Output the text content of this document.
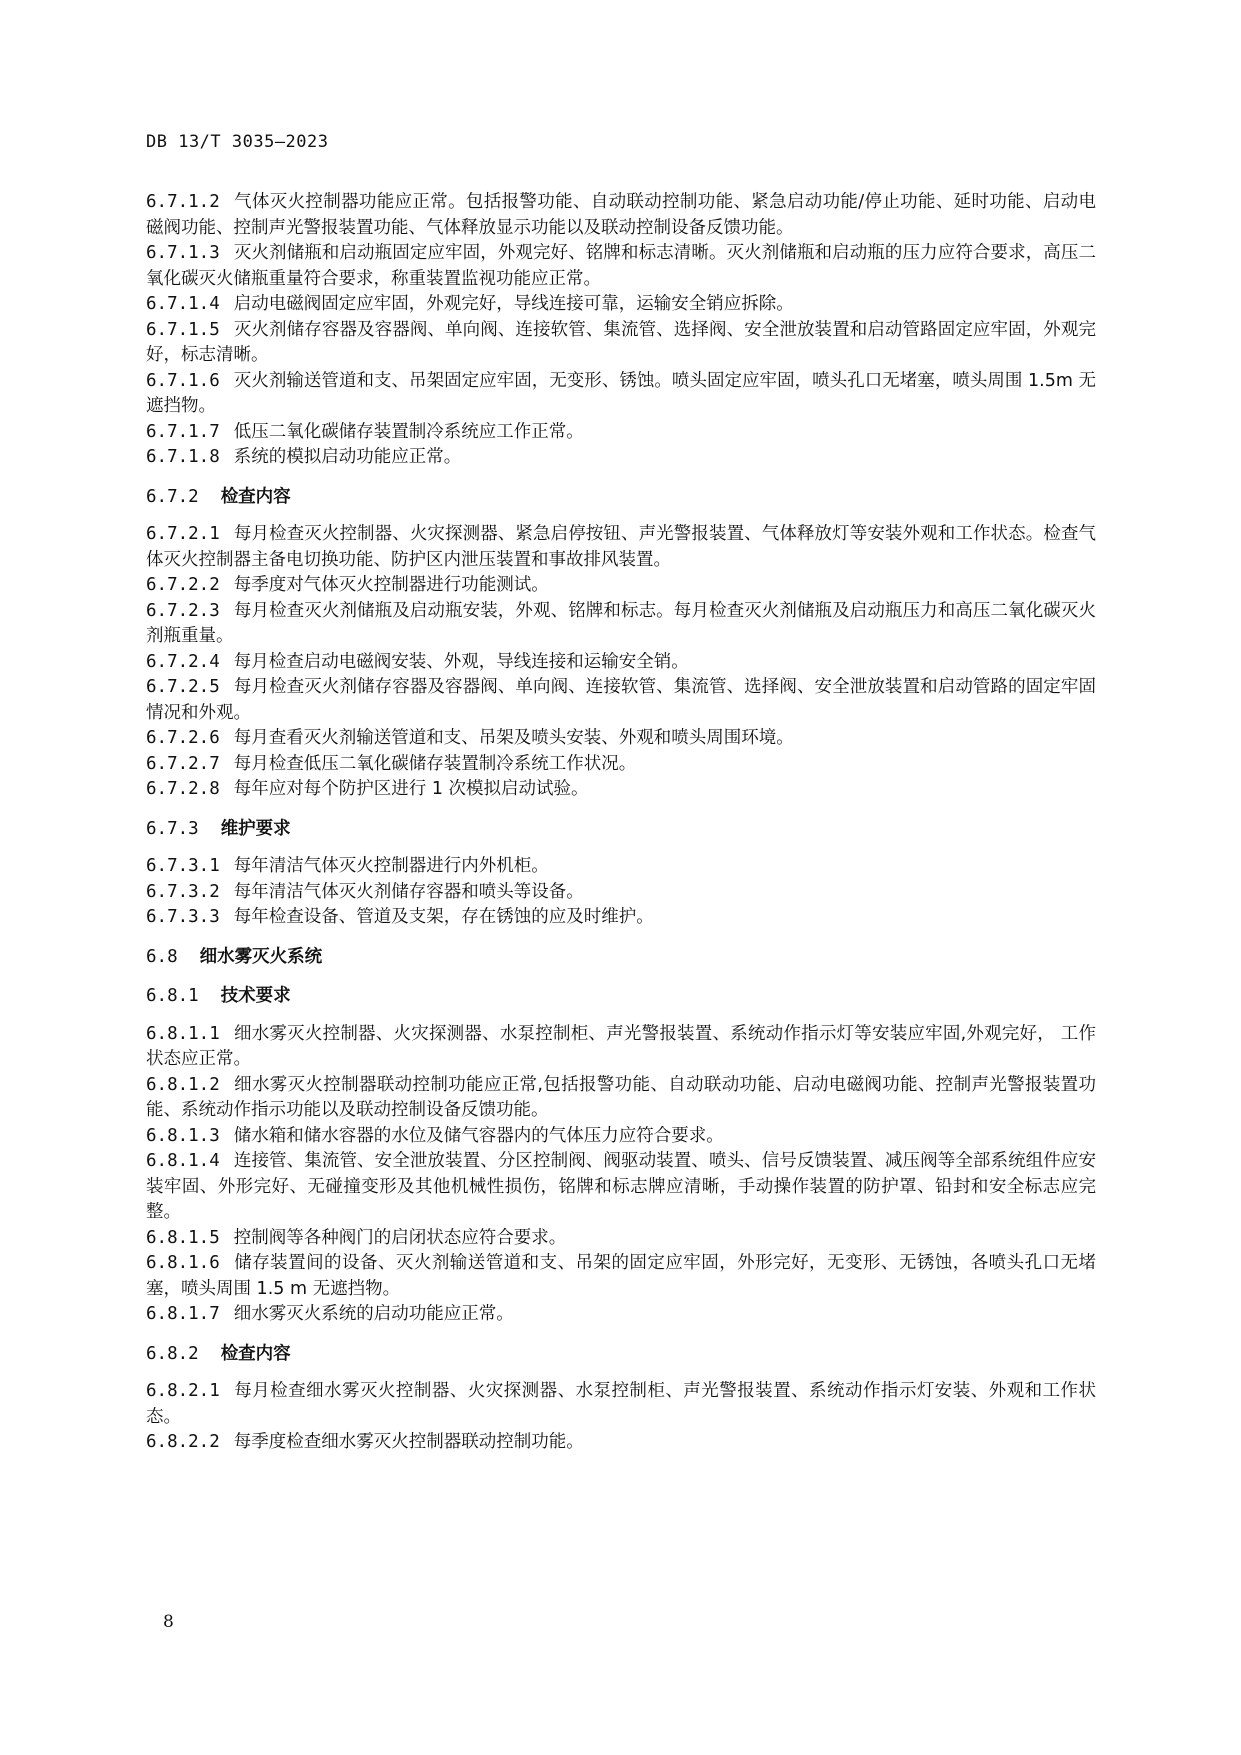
DB 13/T 3035—2023
6.7.1.2 气体灭火控制器功能应正常。包括报警功能、自动联动控制功能、紧急启动功能/停止功能、延时功能、启动电磁阀功能、控制声光警报装置功能、气体释放显示功能以及联动控制设备反馈功能。
6.7.1.3 灭火剂储瓶和启动瓶固定应牢固，外观完好、铭牌和标志清晰。灭火剂储瓶和启动瓶的压力应符合要求，高压二氧化碳灭火储瓶重量符合要求，称重装置监视功能应正常。
6.7.1.4 启动电磁阀固定应牢固，外观完好，导线连接可靠，运输安全销应拆除。
6.7.1.5 灭火剂储存容器及容器阀、单向阀、连接软管、集流管、选择阀、安全泄放装置和启动管路固定应牢固，外观完好，标志清晰。
6.7.1.6 灭火剂输送管道和支、吊架固定应牢固，无变形、锈蚀。喷头固定应牢固，喷头孔口无堵塞，喷头周围 1.5m 无遮挡物。
6.7.1.7 低压二氧化碳储存装置制冷系统应工作正常。
6.7.1.8 系统的模拟启动功能应正常。
6.7.2 检查内容
6.7.2.1 每月检查灭火控制器、火灾探测器、紧急启停按钮、声光警报装置、气体释放灯等安装外观和工作状态。检查气体灭火控制器主备电切换功能、防护区内泄压装置和事故排风装置。
6.7.2.2 每季度对气体灭火控制器进行功能测试。
6.7.2.3 每月检查灭火剂储瓶及启动瓶安装，外观、铭牌和标志。每月检查灭火剂储瓶及启动瓶压力和高压二氧化碳灭火剂瓶重量。
6.7.2.4 每月检查启动电磁阀安装、外观，导线连接和运输安全销。
6.7.2.5 每月检查灭火剂储存容器及容器阀、单向阀、连接软管、集流管、选择阀、安全泄放装置和启动管路的固定牢固情况和外观。
6.7.2.6 每月查看灭火剂输送管道和支、吊架及喷头安装、外观和喷头周围环境。
6.7.2.7 每月检查低压二氧化碳储存装置制冷系统工作状况。
6.7.2.8 每年应对每个防护区进行 1 次模拟启动试验。
6.7.3 维护要求
6.7.3.1 每年清洁气体灭火控制器进行内外机柜。
6.7.3.2 每年清洁气体灭火剂储存容器和喷头等设备。
6.7.3.3 每年检查设备、管道及支架，存在锈蚀的应及时维护。
6.8 细水雾灭火系统
6.8.1 技术要求
6.8.1.1 细水雾灭火控制器、火灾探测器、水泵控制柜、声光警报装置、系统动作指示灯等安装应牢固,外观完好， 工作状态应正常。
6.8.1.2 细水雾灭火控制器联动控制功能应正常,包括报警功能、自动联动功能、启动电磁阀功能、控制声光警报装置功能、系统动作指示功能以及联动控制设备反馈功能。
6.8.1.3 储水箱和储水容器的水位及储气容器内的气体压力应符合要求。
6.8.1.4 连接管、集流管、安全泄放装置、分区控制阀、阀驱动装置、喷头、信号反馈装置、减压阀等全部系统组件应安装牢固、外形完好、无碰撞变形及其他机械性损伤，铭牌和标志牌应清晰，手动操作装置的防护罩、铅封和安全标志应完整。
6.8.1.5 控制阀等各种阀门的启闭状态应符合要求。
6.8.1.6 储存装置间的设备、灭火剂输送管道和支、吊架的固定应牢固，外形完好，无变形、无锈蚀，各喷头孔口无堵塞，喷头周围 1.5 m 无遮挡物。
6.8.1.7 细水雾灭火系统的启动功能应正常。
6.8.2 检查内容
6.8.2.1 每月检查细水雾灭火控制器、火灾探测器、水泵控制柜、声光警报装置、系统动作指示灯安装、外观和工作状态。
6.8.2.2 每季度检查细水雾灭火控制器联动控制功能。
8
